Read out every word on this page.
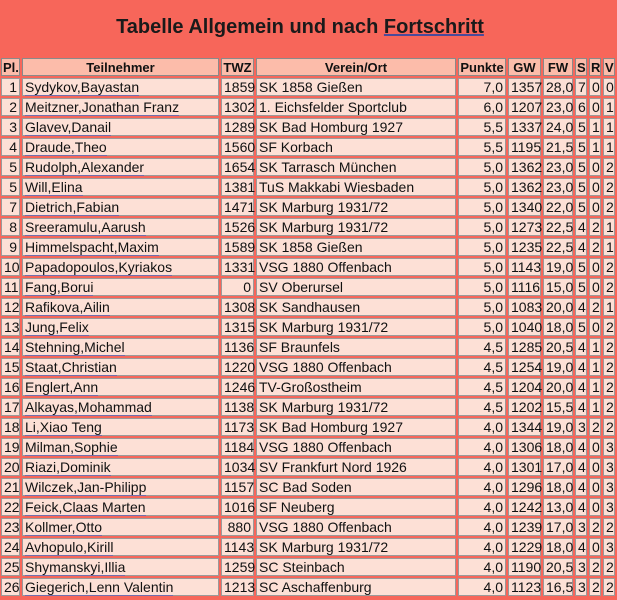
Tabelle Allgemein und nach Fortschritt
Pl.	Teilnehmer	TWZ	Verein/Ort	Punkte	GW	FW	S	R	V
1	Sydykov,Bayastan	1859	SK 1858 Gießen	7,0	1357	28,0	7	0	0
2	Meitzner,Jonathan Franz	1302	1. Eichsfelder Sportclub	6,0	1207	23,0	6	0	1
3	Glavev,Danail	1289	SK Bad Homburg 1927	5,5	1337	24,0	5	1	1
4	Draude,Theo	1560	SF Korbach	5,5	1195	21,5	5	1	1
5	Rudolph,Alexander	1654	SK Tarrasch München	5,0	1362	23,0	5	0	2
5	Will,Elina	1381	TuS Makkabi Wiesbaden	5,0	1362	23,0	5	0	2
7	Dietrich,Fabian	1471	SK Marburg 1931/72	5,0	1340	22,0	5	0	2
8	Sreeramulu,Aarush	1526	SK Marburg 1931/72	5,0	1273	22,5	4	2	1
9	Himmelspacht,Maxim	1589	SK 1858 Gießen	5,0	1235	22,5	4	2	1
10	Papadopoulos,Kyriakos	1331	VSG 1880 Offenbach	5,0	1143	19,0	5	0	2
11	Fang,Borui	0	SV Oberursel	5,0	1116	15,0	5	0	2
12	Rafikova,Ailin	1308	SK Sandhausen	5,0	1083	20,0	4	2	1
13	Jung,Felix	1315	SK Marburg 1931/72	5,0	1040	18,0	5	0	2
14	Stehning,Michel	1136	SF Braunfels	4,5	1285	20,5	4	1	2
15	Staat,Christian	1220	VSG 1880 Offenbach	4,5	1254	19,0	4	1	2
16	Englert,Ann	1246	TV-Großostheim	4,5	1204	20,0	4	1	2
17	Alkayas,Mohammad	1138	SK Marburg 1931/72	4,5	1202	15,5	4	1	2
18	Li,Xiao Teng	1173	SK Bad Homburg 1927	4,0	1344	19,0	3	2	2
19	Milman,Sophie	1184	VSG 1880 Offenbach	4,0	1306	18,0	4	0	3
20	Riazi,Dominik	1034	SV Frankfurt Nord 1926	4,0	1301	17,0	4	0	3
21	Wilczek,Jan-Philipp	1157	SC Bad Soden	4,0	1296	18,0	4	0	3
22	Feick,Claas Marten	1016	SF Neuberg	4,0	1242	13,0	4	0	3
23	Kollmer,Otto	880	VSG 1880 Offenbach	4,0	1239	17,0	3	2	2
24	Avhopulo,Kirill	1143	SK Marburg 1931/72	4,0	1229	18,0	4	0	3
25	Shymanskyi,Illia	1259	SC Steinbach	4,0	1190	20,5	3	2	2
26	Giegerich,Lenn Valentin	1213	SC Aschaffenburg	4,0	1123	16,5	3	2	2
